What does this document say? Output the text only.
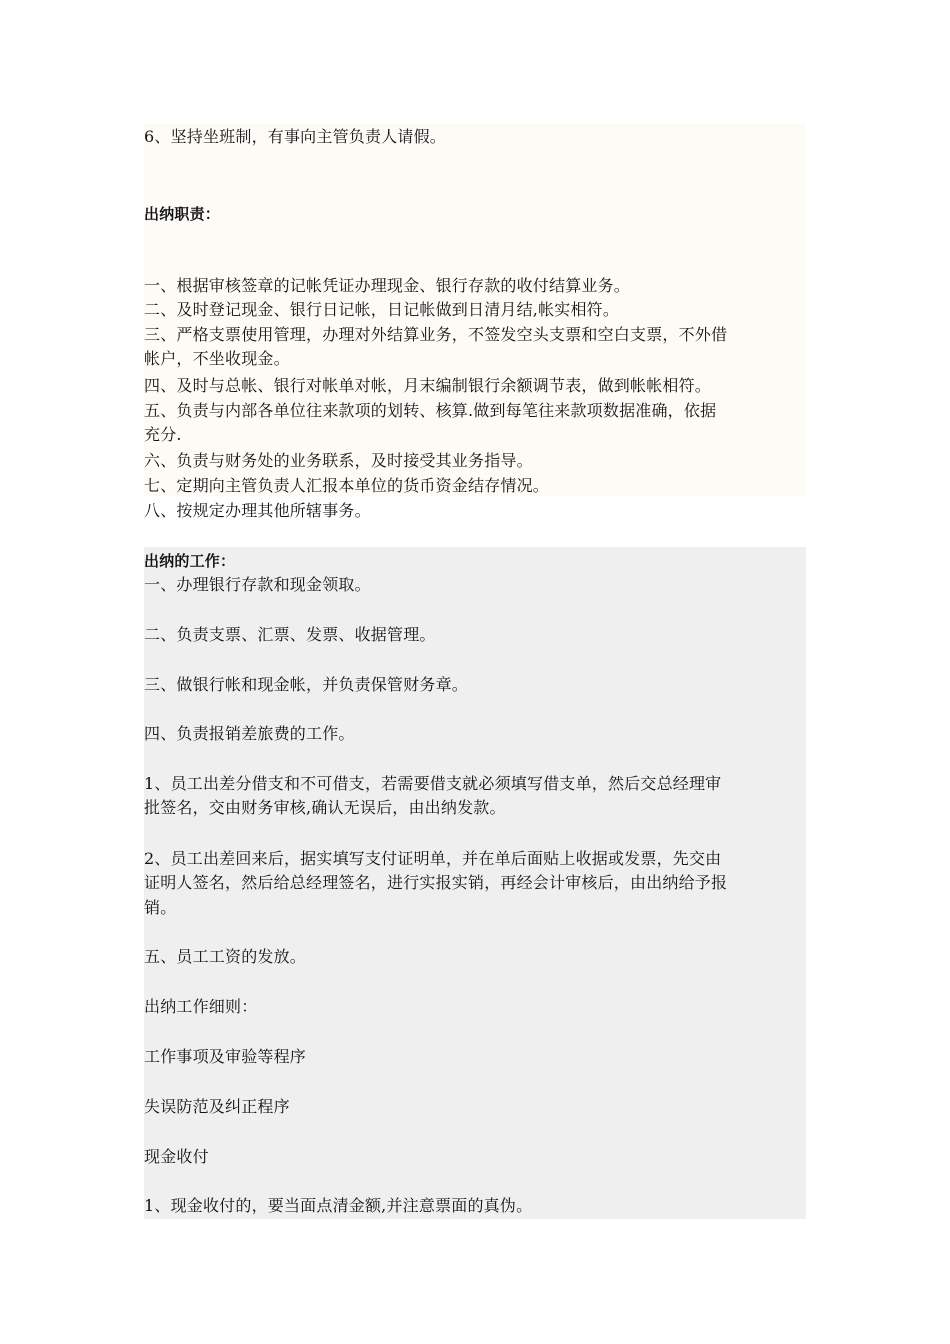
6、坚持坐班制，有事向主管负责人请假。
出纳职责：
一、根据审核签章的记帐凭证办理现金、银行存款的收付结算业务。
二、及时登记现金、银行日记帐，日记帐做到日清月结,帐实相符。
三、严格支票使用管理，办理对外结算业务，不签发空头支票和空白支票，不外借
帐户，不坐收现金。
四、及时与总帐、银行对帐单对帐，月末编制银行余额调节表，做到帐帐相符。
五、负责与内部各单位往来款项的划转、核算.做到每笔往来款项数据准确，依据
充分.
六、负责与财务处的业务联系，及时接受其业务指导。
七、定期向主管负责人汇报本单位的货币资金结存情况。
八、按规定办理其他所辖事务。
出纳的工作：
一、办理银行存款和现金领取。
二、负责支票、汇票、发票、收据管理。
三、做银行帐和现金帐，并负责保管财务章。
四、负责报销差旅费的工作。
1、员工出差分借支和不可借支，若需要借支就必须填写借支单，然后交总经理审
批签名，交由财务审核,确认无误后，由出纳发款。
2、员工出差回来后，据实填写支付证明单，并在单后面贴上收据或发票，先交由
证明人签名，然后给总经理签名，进行实报实销，再经会计审核后，由出纳给予报
销。
五、员工工资的发放。
出纳工作细则：
工作事项及审验等程序
失误防范及纠正程序
现金收付
1、现金收付的，要当面点清金额,并注意票面的真伪。
